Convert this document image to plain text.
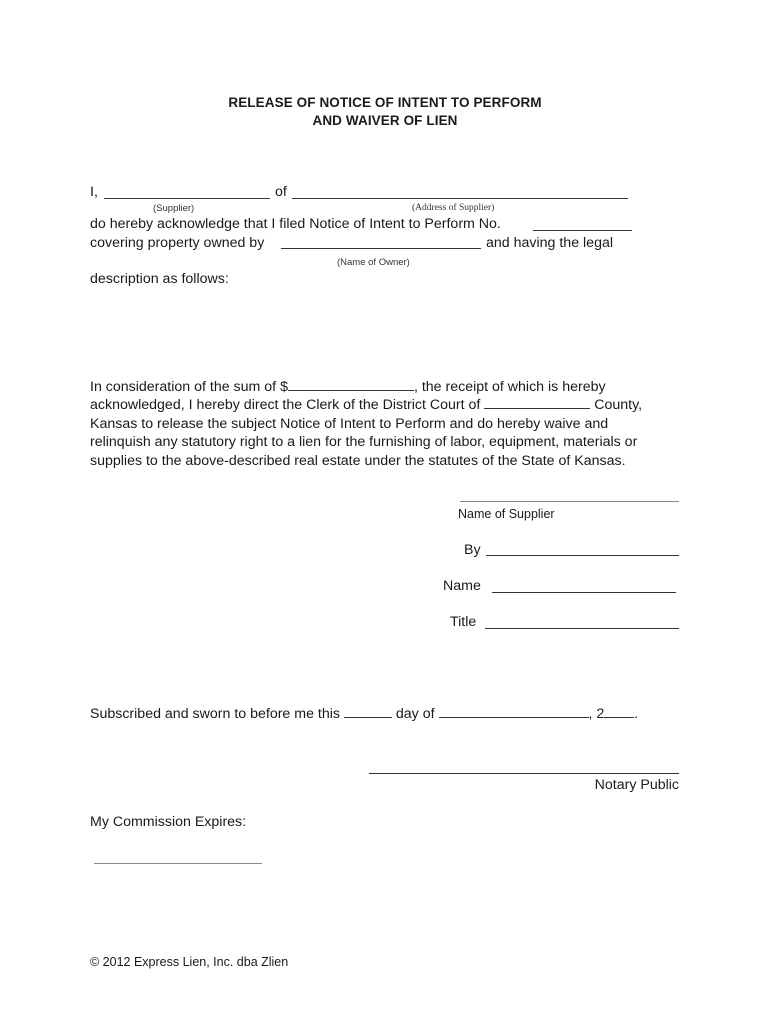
RELEASE OF NOTICE OF INTENT TO PERFORM
AND WAIVER OF LIEN
I,	of
(Supplier)	(Address of Supplier)
do hereby acknowledge that I filed Notice of Intent to Perform No.
covering property owned by	and having the legal
(Name of Owner)
description as follows:
In consideration of the sum of $	, the receipt of which is hereby
acknowledged, I hereby direct the Clerk of the District Court of	County,
Kansas to release the subject Notice of Intent to Perform and do hereby waive and
relinquish any statutory right to a lien for the furnishing of labor, equipment, materials or
supplies to the above-described real estate under the statutes of the State of Kansas.
Name of Supplier
By
Name
Title
Subscribed and sworn to before me this	day of	, 2 .
Notary Public
My Commission Expires:
© 2012 Express Lien, Inc. dba Zlien
